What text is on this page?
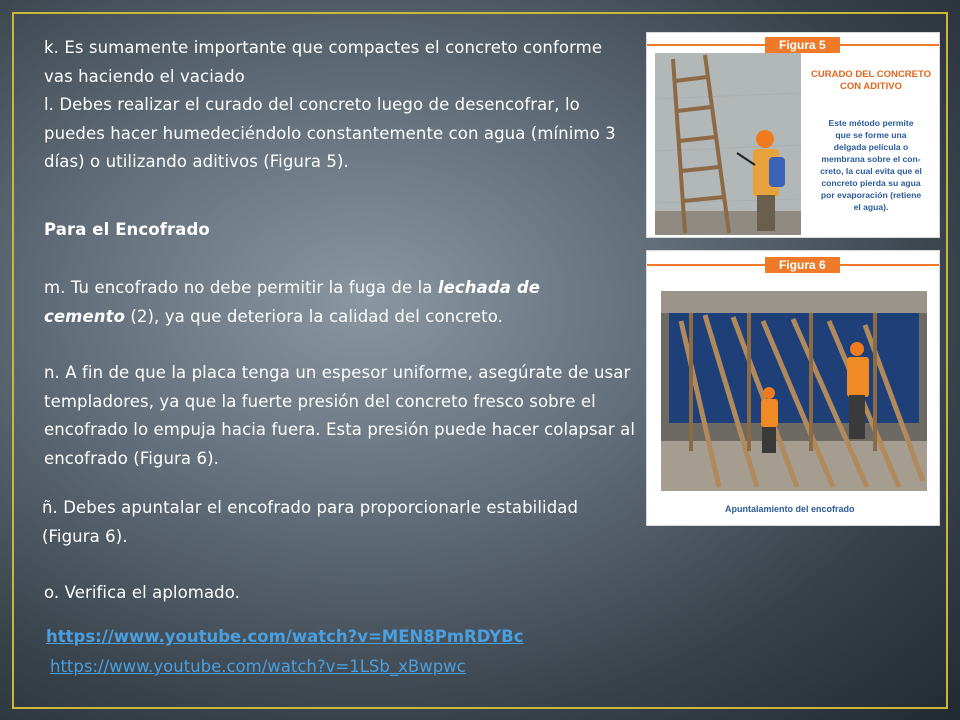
k. Es sumamente importante que compactes el concreto conforme vas haciendo el vaciado
l. Debes realizar el curado del concreto luego de desencofrar, lo puedes hacer humedeciéndolo constantemente con agua (mínimo 3 días) o utilizando aditivos (Figura 5).
Para el Encofrado
m. Tu encofrado no debe permitir la fuga de la lechada de cemento (2), ya que deteriora la calidad del concreto.
n. A fin de que la placa tenga un espesor uniforme, asegúrate de usar templadores, ya que la fuerte presión del concreto fresco sobre el encofrado lo empuja hacia fuera. Esta presión puede hacer colapsar al encofrado (Figura 6).
ñ. Debes apuntalar el encofrado para proporcionarle estabilidad (Figura 6).
o. Verifica el aplomado.
https://www.youtube.com/watch?v=MEN8PmRDYBc
https://www.youtube.com/watch?v=1LSb_xBwpwc
Figura 5
CURADO DEL CONCRETO
CON ADITIVO
Este método permite
que se forme una
delgada película o
membrana sobre el con-
creto, la cual evita que el
concreto pierda su agua
por evaporación (retiene
el agua).
Figura 6
Apuntalamiento del encofrado
